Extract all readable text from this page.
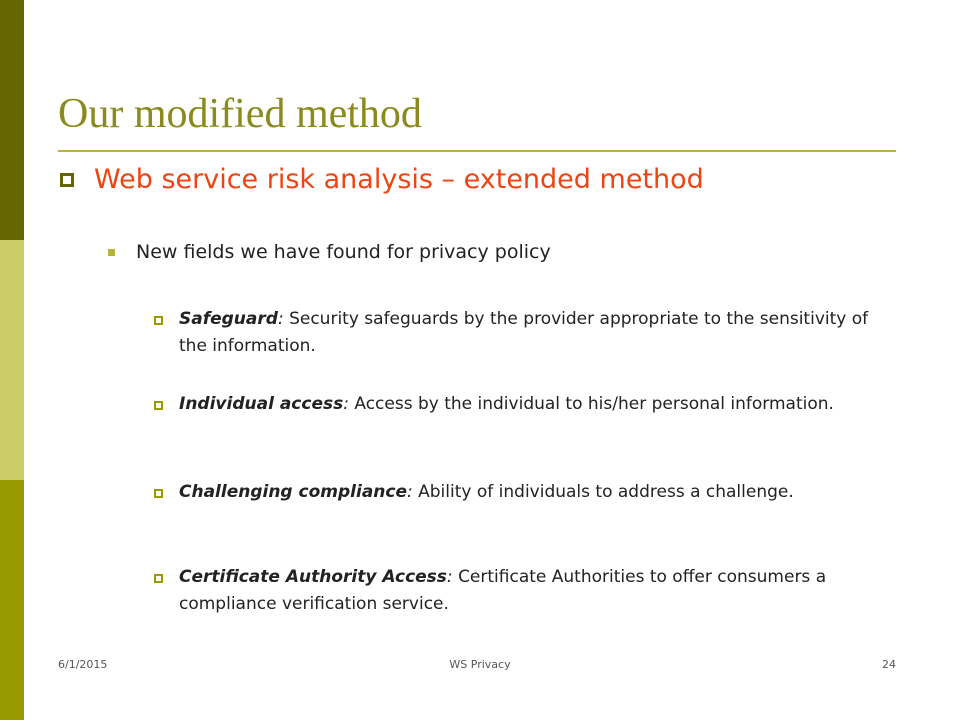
Our modified method
Web service risk analysis – extended method
New fields we have found for privacy policy
Safeguard: Security safeguards by the provider appropriate to the sensitivity of the information.
Individual access: Access by the individual to his/her personal information.
Challenging compliance: Ability of individuals to address a challenge.
Certificate Authority Access: Certificate Authorities to offer consumers a compliance verification service.
6/1/2015	WS Privacy	24
